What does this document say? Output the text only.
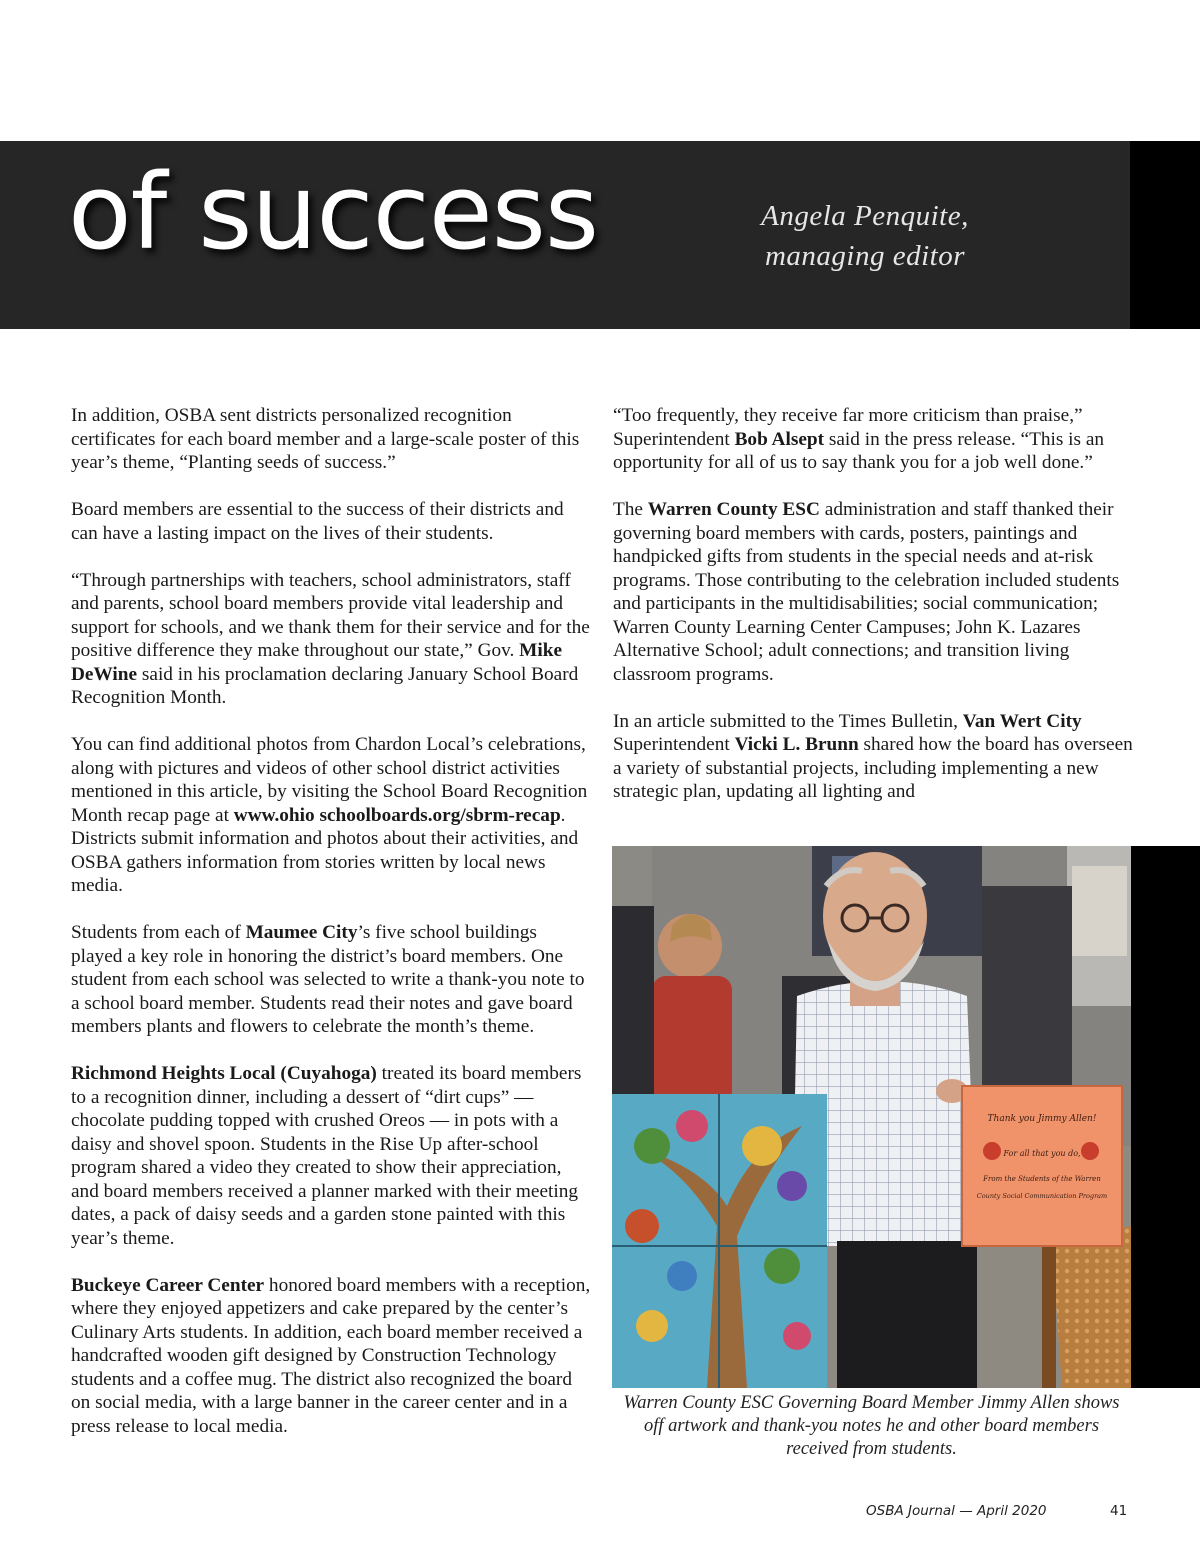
of success	Angela Penquite,
managing editor

In addition, OSBA sent districts personalized recognition certificates for each board member and a large-scale poster of this year’s theme, “Planting seeds of success.”

Board members are essential to the success of their districts and can have a lasting impact on the lives of their students.

“Through partnerships with teachers, school administrators, staff and parents, school board members provide vital leadership and support for schools, and we thank them for their service and for the positive difference they make throughout our state,” Gov. Mike DeWine said in his proclamation declaring January School Board Recognition Month.

You can find additional photos from Chardon Local’s celebrations, along with pictures and videos of other school district activities mentioned in this article, by visiting the School Board Recognition Month recap page at www.ohio schoolboards.org/sbrm-recap. Districts submit information and photos about their activities, and OSBA gathers information from stories written by local news media.

Students from each of Maumee City’s five school buildings played a key role in honoring the district’s board members. One student from each school was selected to write a thank-you note to a school board member. Students read their notes and gave board members plants and flowers to celebrate the month’s theme.

Richmond Heights Local (Cuyahoga) treated its board members to a recognition dinner, including a dessert of “dirt cups” — chocolate pudding topped with crushed Oreos — in pots with a daisy and shovel spoon. Students in the Rise Up after-school program shared a video they created to show their appreciation, and board members received a planner marked with their meeting dates, a pack of daisy seeds and a garden stone painted with this year’s theme.

Buckeye Career Center honored board members with a reception, where they enjoyed appetizers and cake prepared by the center’s Culinary Arts students. In addition, each board member received a handcrafted wooden gift designed by Construction Technology students and a coffee mug. The district also recognized the board on social media, with a large banner in the career center and in a press release to local media.

“Too frequently, they receive far more criticism than praise,” Superintendent Bob Alsept said in the press release. “This is an opportunity for all of us to say thank you for a job well done.”

The Warren County ESC administration and staff thanked their governing board members with cards, posters, paintings and handpicked gifts from students in the special needs and at-risk programs. Those contributing to the celebration included students and participants in the multidisabilities; social communication; Warren County Learning Center Campuses; John K. Lazares Alternative School; adult connections; and transition living classroom programs.

In an article submitted to the Times Bulletin, Van Wert City Superintendent Vicki L. Brunn shared how the board has overseen a variety of substantial projects, including implementing a new strategic plan, updating all lighting and

Thank you Jimmy Allen!
For all that you do,
From the Students of the Warren
County Social Communication Program
Warren County ESC Governing Board Member Jimmy Allen shows off artwork and thank-you notes he and other board members received from students.
OSBA Journal — April 2020	41
